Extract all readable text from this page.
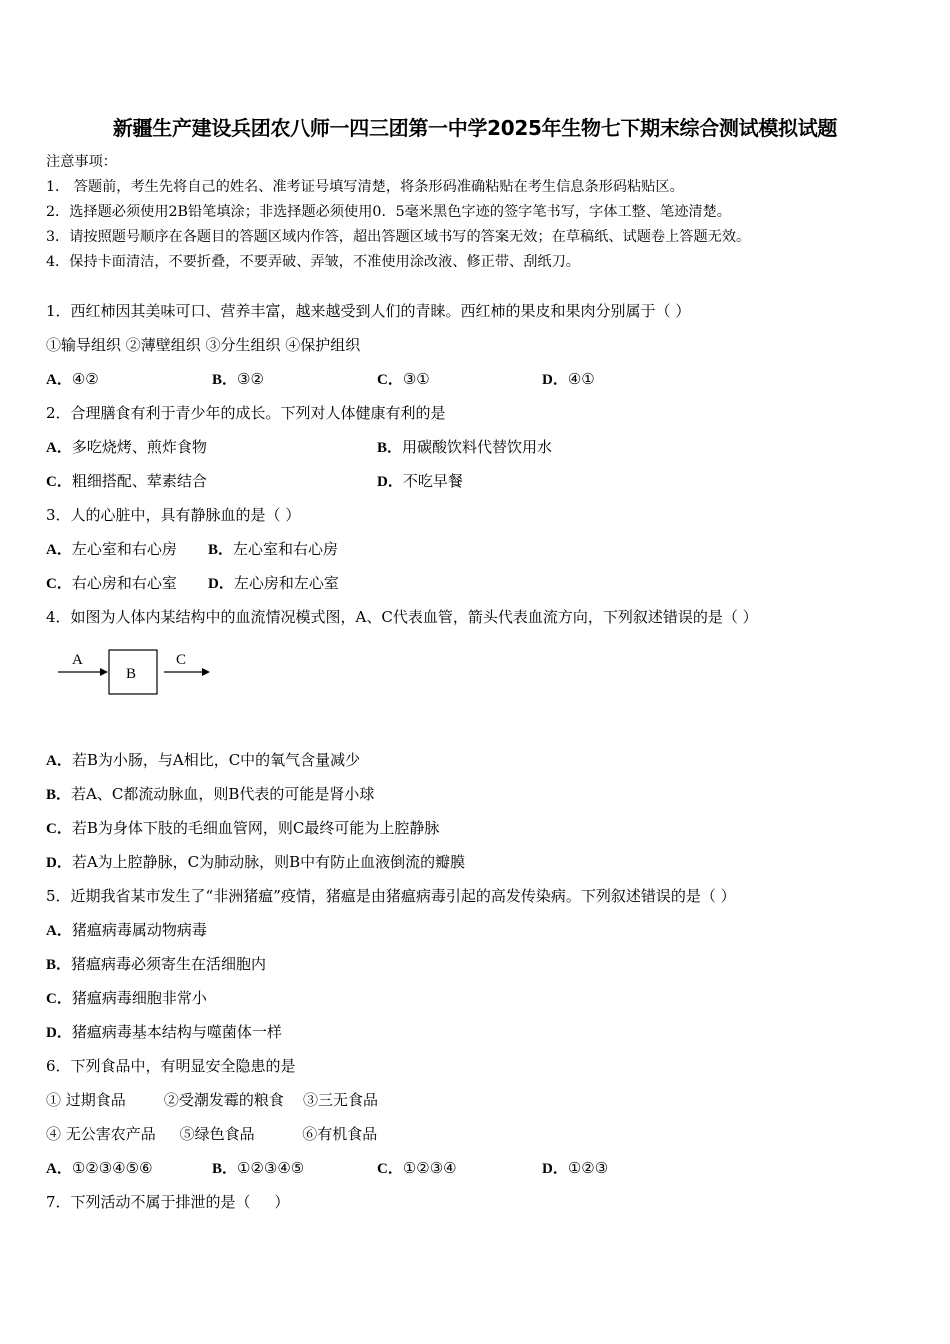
新疆生产建设兵团农八师一四三团第一中学2025年生物七下期末综合测试模拟试题
注意事项：
1． 答题前，考生先将自己的姓名、准考证号填写清楚，将条形码准确粘贴在考生信息条形码粘贴区。
2．选择题必须使用2B铅笔填涂；非选择题必须使用0．5毫米黑色字迹的签字笔书写，字体工整、笔迹清楚。
3．请按照题号顺序在各题目的答题区域内作答，超出答题区域书写的答案无效；在草稿纸、试题卷上答题无效。
4．保持卡面清洁，不要折叠，不要弄破、弄皱，不准使用涂改液、修正带、刮纸刀。
1．西红柿因其美味可口、营养丰富，越来越受到人们的青睐。西红柿的果皮和果肉分别属于（ ）
①输导组织 ②薄壁组织 ③分生组织 ④保护组织
A．④②	B．③②	C．③①	D．④①
2．合理膳食有利于青少年的成长。下列对人体健康有利的是
A．多吃烧烤、煎炸食物	B．用碳酸饮料代替饮用水
C．粗细搭配、荤素结合	D．不吃早餐
3．人的心脏中，具有静脉血的是（ ）
A．左心室和右心房 B．左心室和右心房
C．右心房和右心室 D．左心房和左心室
4．如图为人体内某结构中的血流情况模式图，A、C代表血管，箭头代表血流方向，下列叙述错误的是（ ）
A
B
C
A．若B为小肠，与A相比，C中的氧气含量减少
B．若A、C都流动脉血，则B代表的可能是肾小球
C．若B为身体下肢的毛细血管网，则C最终可能为上腔静脉
D．若A为上腔静脉，C为肺动脉，则B中有防止血液倒流的瓣膜
5．近期我省某市发生了“非洲猪瘟”疫情，猪瘟是由猪瘟病毒引起的高发传染病。下列叙述错误的是（ ）
A．猪瘟病毒属动物病毒
B．猪瘟病毒必须寄生在活细胞内
C．猪瘟病毒细胞非常小
D．猪瘟病毒基本结构与噬菌体一样
6．下列食品中，有明显安全隐患的是
① 过期食品        ②受潮发霉的粮食    ③三无食品
④ 无公害农产品     ⑤绿色食品          ⑥有机食品
A．①②③④⑤⑥	B．①②③④⑤	C．①②③④	D．①②③
7．下列活动不属于排泄的是（     ）
